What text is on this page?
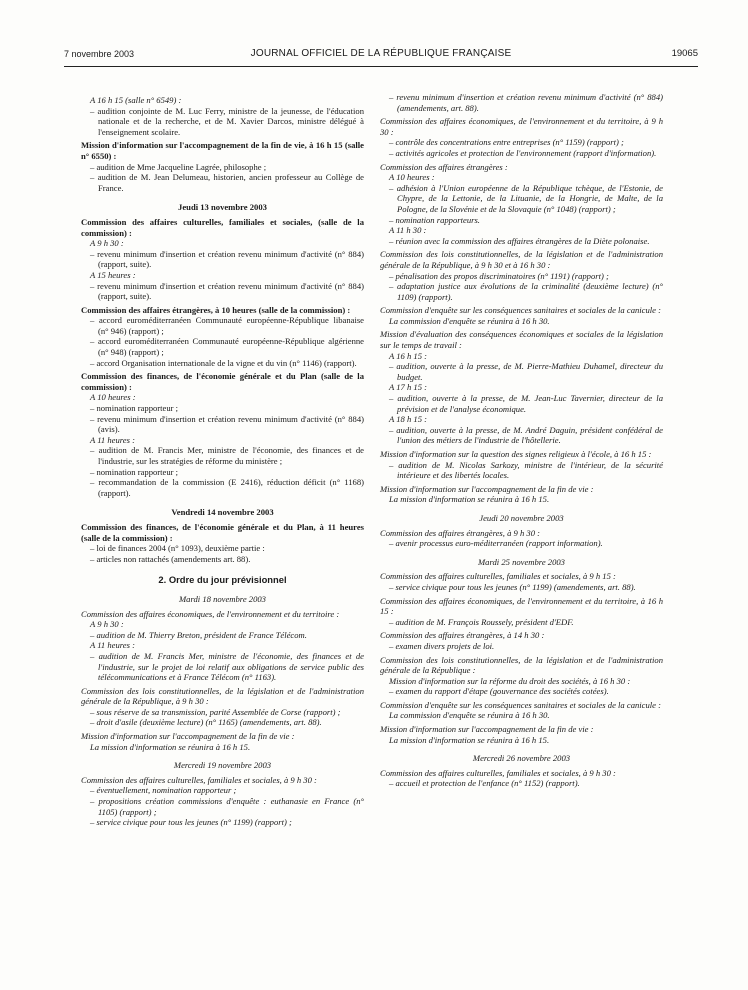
7 novembre 2003	JOURNAL OFFICIEL DE LA RÉPUBLIQUE FRANÇAISE	19065

A 16 h 15 (salle n° 6549) :

– audition conjointe de M. Luc Ferry, ministre de la jeunesse, de l'éducation nationale et de la recherche, et de M. Xavier Darcos, ministre délégué à l'enseignement scolaire.

Mission d'information sur l'accompagnement de la fin de vie, à 16 h 15 (salle n° 6550) :

– audition de Mme Jacqueline Lagrée, philosophe ;

– audition de M. Jean Delumeau, historien, ancien professeur au Collège de France.

Jeudi 13 novembre 2003

Commission des affaires culturelles, familiales et sociales, (salle de la commission) :

A 9 h 30 :

– revenu minimum d'insertion et création revenu minimum d'activité (n° 884) (rapport, suite).

A 15 heures :

– revenu minimum d'insertion et création revenu minimum d'activité (n° 884) (rapport, suite).

Commission des affaires étrangères, à 10 heures (salle de la commission) :

– accord euroméditerranéen Communauté européenne-République libanaise (n° 946) (rapport) ;

– accord euroméditerranéen Communauté européenne-République algérienne (n° 948) (rapport) ;

– accord Organisation internationale de la vigne et du vin (n° 1146) (rapport).

Commission des finances, de l'économie générale et du Plan (salle de la commission) :

A 10 heures :

– nomination rapporteur ;

– revenu minimum d'insertion et création revenu minimum d'activité (n° 884) (avis).

A 11 heures :

– audition de M. Francis Mer, ministre de l'économie, des finances et de l'industrie, sur les stratégies de réforme du ministère ;

– nomination rapporteur ;

– recommandation de la commission (E 2416), réduction déficit (n° 1168) (rapport).

Vendredi 14 novembre 2003

Commission des finances, de l'économie générale et du Plan, à 11 heures (salle de la commission) :

– loi de finances 2004 (n° 1093), deuxième partie :

– articles non rattachés (amendements art. 88).

2. Ordre du jour prévisionnel

Mardi 18 novembre 2003

Commission des affaires économiques, de l'environnement et du territoire :

A 9 h 30 :

– audition de M. Thierry Breton, président de France Télécom.

A 11 heures :

– audition de M. Francis Mer, ministre de l'économie, des finances et de l'industrie, sur le projet de loi relatif aux obligations de service public des télécommunications et à France Télécom (n° 1163).

Commission des lois constitutionnelles, de la législation et de l'administration générale de la République, à 9 h 30 :

– sous réserve de sa transmission, parité Assemblée de Corse (rapport) ;

– droit d'asile (deuxième lecture) (n° 1165) (amendements, art. 88).

Mission d'information sur l'accompagnement de la fin de vie :

La mission d'information se réunira à 16 h 15.

Mercredi 19 novembre 2003

Commission des affaires culturelles, familiales et sociales, à 9 h 30 :

– éventuellement, nomination rapporteur ;

– propositions création commissions d'enquête : euthanasie en France (n° 1105) (rapport) ;

– service civique pour tous les jeunes (n° 1199) (rapport) ;

– revenu minimum d'insertion et création revenu minimum d'activité (n° 884) (amendements, art. 88).

Commission des affaires économiques, de l'environnement et du territoire, à 9 h 30 :

– contrôle des concentrations entre entreprises (n° 1159) (rapport) ;

– activités agricoles et protection de l'environnement (rapport d'information).

Commission des affaires étrangères :

A 10 heures :

– adhésion à l'Union européenne de la République tchèque, de l'Estonie, de Chypre, de la Lettonie, de la Lituanie, de la Hongrie, de Malte, de la Pologne, de la Slovénie et de la Slovaquie (n° 1048) (rapport) ;

– nomination rapporteurs.

A 11 h 30 :

– réunion avec la commission des affaires étrangères de la Diète polonaise.

Commission des lois constitutionnelles, de la législation et de l'administration générale de la République, à 9 h 30 et à 16 h 30 :

– pénalisation des propos discriminatoires (n° 1191) (rapport) ;

– adaptation justice aux évolutions de la criminalité (deuxième lecture) (n° 1109) (rapport).

Commission d'enquête sur les conséquences sanitaires et sociales de la canicule :

La commission d'enquête se réunira à 16 h 30.

Mission d'évaluation des conséquences économiques et sociales de la législation sur le temps de travail :

A 16 h 15 :

– audition, ouverte à la presse, de M. Pierre-Mathieu Duhamel, directeur du budget.

A 17 h 15 :

– audition, ouverte à la presse, de M. Jean-Luc Tavernier, directeur de la prévision et de l'analyse économique.

A 18 h 15 :

– audition, ouverte à la presse, de M. André Daguin, président confédéral de l'union des métiers de l'industrie de l'hôtellerie.

Mission d'information sur la question des signes religieux à l'école, à 16 h 15 :

– audition de M. Nicolas Sarkozy, ministre de l'intérieur, de la sécurité intérieure et des libertés locales.

Mission d'information sur l'accompagnement de la fin de vie :

La mission d'information se réunira à 16 h 15.

Jeudi 20 novembre 2003

Commission des affaires étrangères, à 9 h 30 :

– avenir processus euro-méditerranéen (rapport information).

Mardi 25 novembre 2003

Commission des affaires culturelles, familiales et sociales, à 9 h 15 :

– service civique pour tous les jeunes (n° 1199) (amendements, art. 88).

Commission des affaires économiques, de l'environnement et du territoire, à 16 h 15 :

– audition de M. François Roussely, président d'EDF.

Commission des affaires étrangères, à 14 h 30 :

– examen divers projets de loi.

Commission des lois constitutionnelles, de la législation et de l'administration générale de la République :

Mission d'information sur la réforme du droit des sociétés, à 16 h 30 :

– examen du rapport d'étape (gouvernance des sociétés cotées).

Commission d'enquête sur les conséquences sanitaires et sociales de la canicule :

La commission d'enquête se réunira à 16 h 30.

Mission d'information sur l'accompagnement de la fin de vie :

La mission d'information se réunira à 16 h 15.

Mercredi 26 novembre 2003

Commission des affaires culturelles, familiales et sociales, à 9 h 30 :

– accueil et protection de l'enfance (n° 1152) (rapport).
